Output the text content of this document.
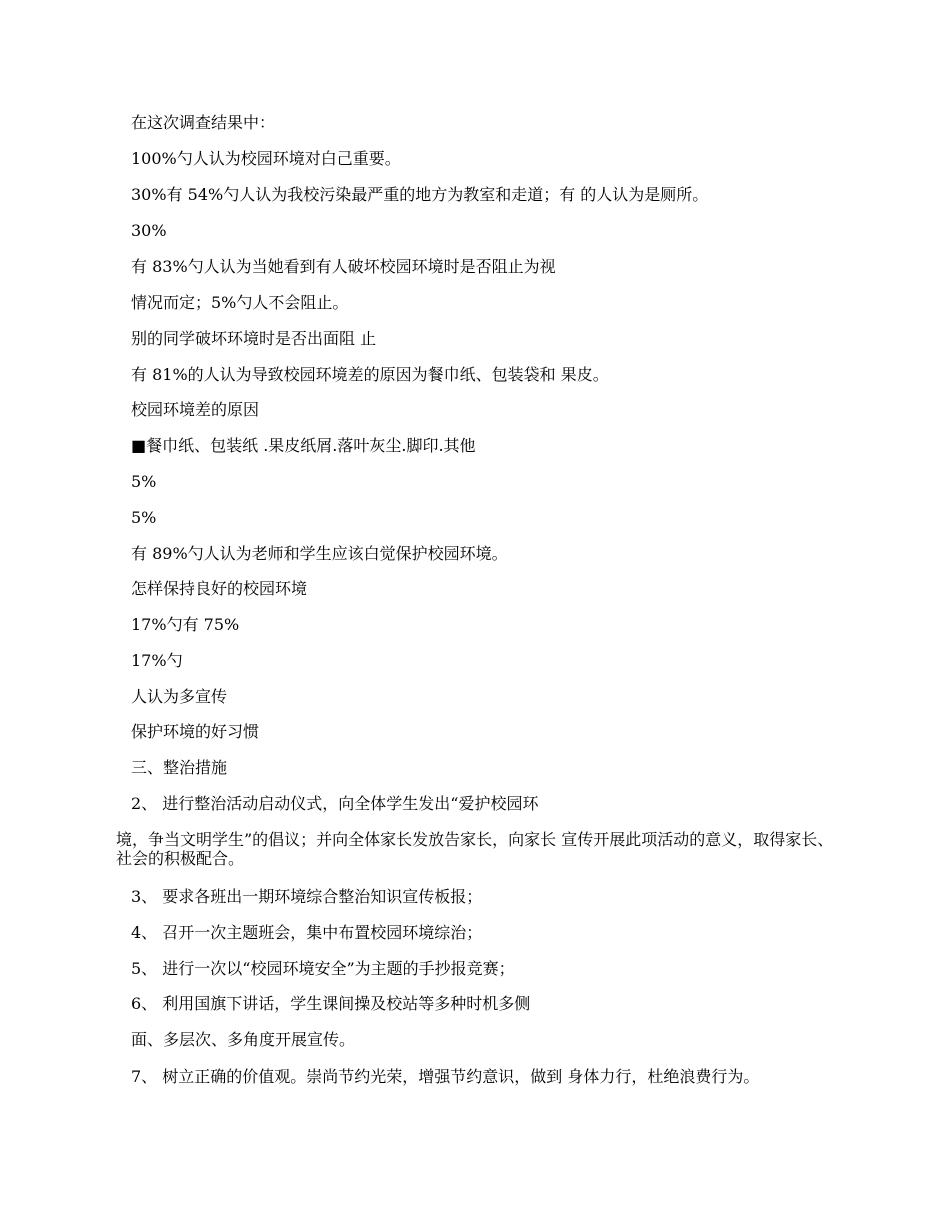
在这次调查结果中：
100%勺人认为校园环境对白己重要。
30%有 54%勺人认为我校污染最严重的地方为教室和走道；有 的人认为是厕所。
30%
有 83%勺人认为当她看到有人破坏校园环境时是否阻止为视
情况而定；5%勺人不会阻止。
别的同学破坏环境时是否出面阻 止
有 81%的人认为导致校园环境差的原因为餐巾纸、包装袋和 果皮。
校园环境差的原因
■餐巾纸、包装纸 .果皮纸屑.落叶灰尘.脚印.其他
5%
5%
有 89%勺人认为老师和学生应该白觉保护校园环境。
怎样保持良好的校园环境
17%勺有 75%
17%勺
人认为多宣传
保护环境的好习惯
三、整治措施
2、 进行整治活动启动仪式，向全体学生发出“爱护校园环
境，争当文明学生”的倡议；并向全体家长发放告家长，向家长 宣传开展此项活动的意义，取得家长、社会的积极配合。
3、 要求各班出一期环境综合整治知识宣传板报；
4、 召开一次主题班会，集中布置校园环境综治；
5、 进行一次以“校园环境安全”为主题的手抄报竞赛；
6、 利用国旗下讲话，学生课间操及校站等多种时机多侧
面、多层次、多角度开展宣传。
7、 树立正确的价值观。崇尚节约光荣，增强节约意识，做到 身体力行，杜绝浪费行为。
